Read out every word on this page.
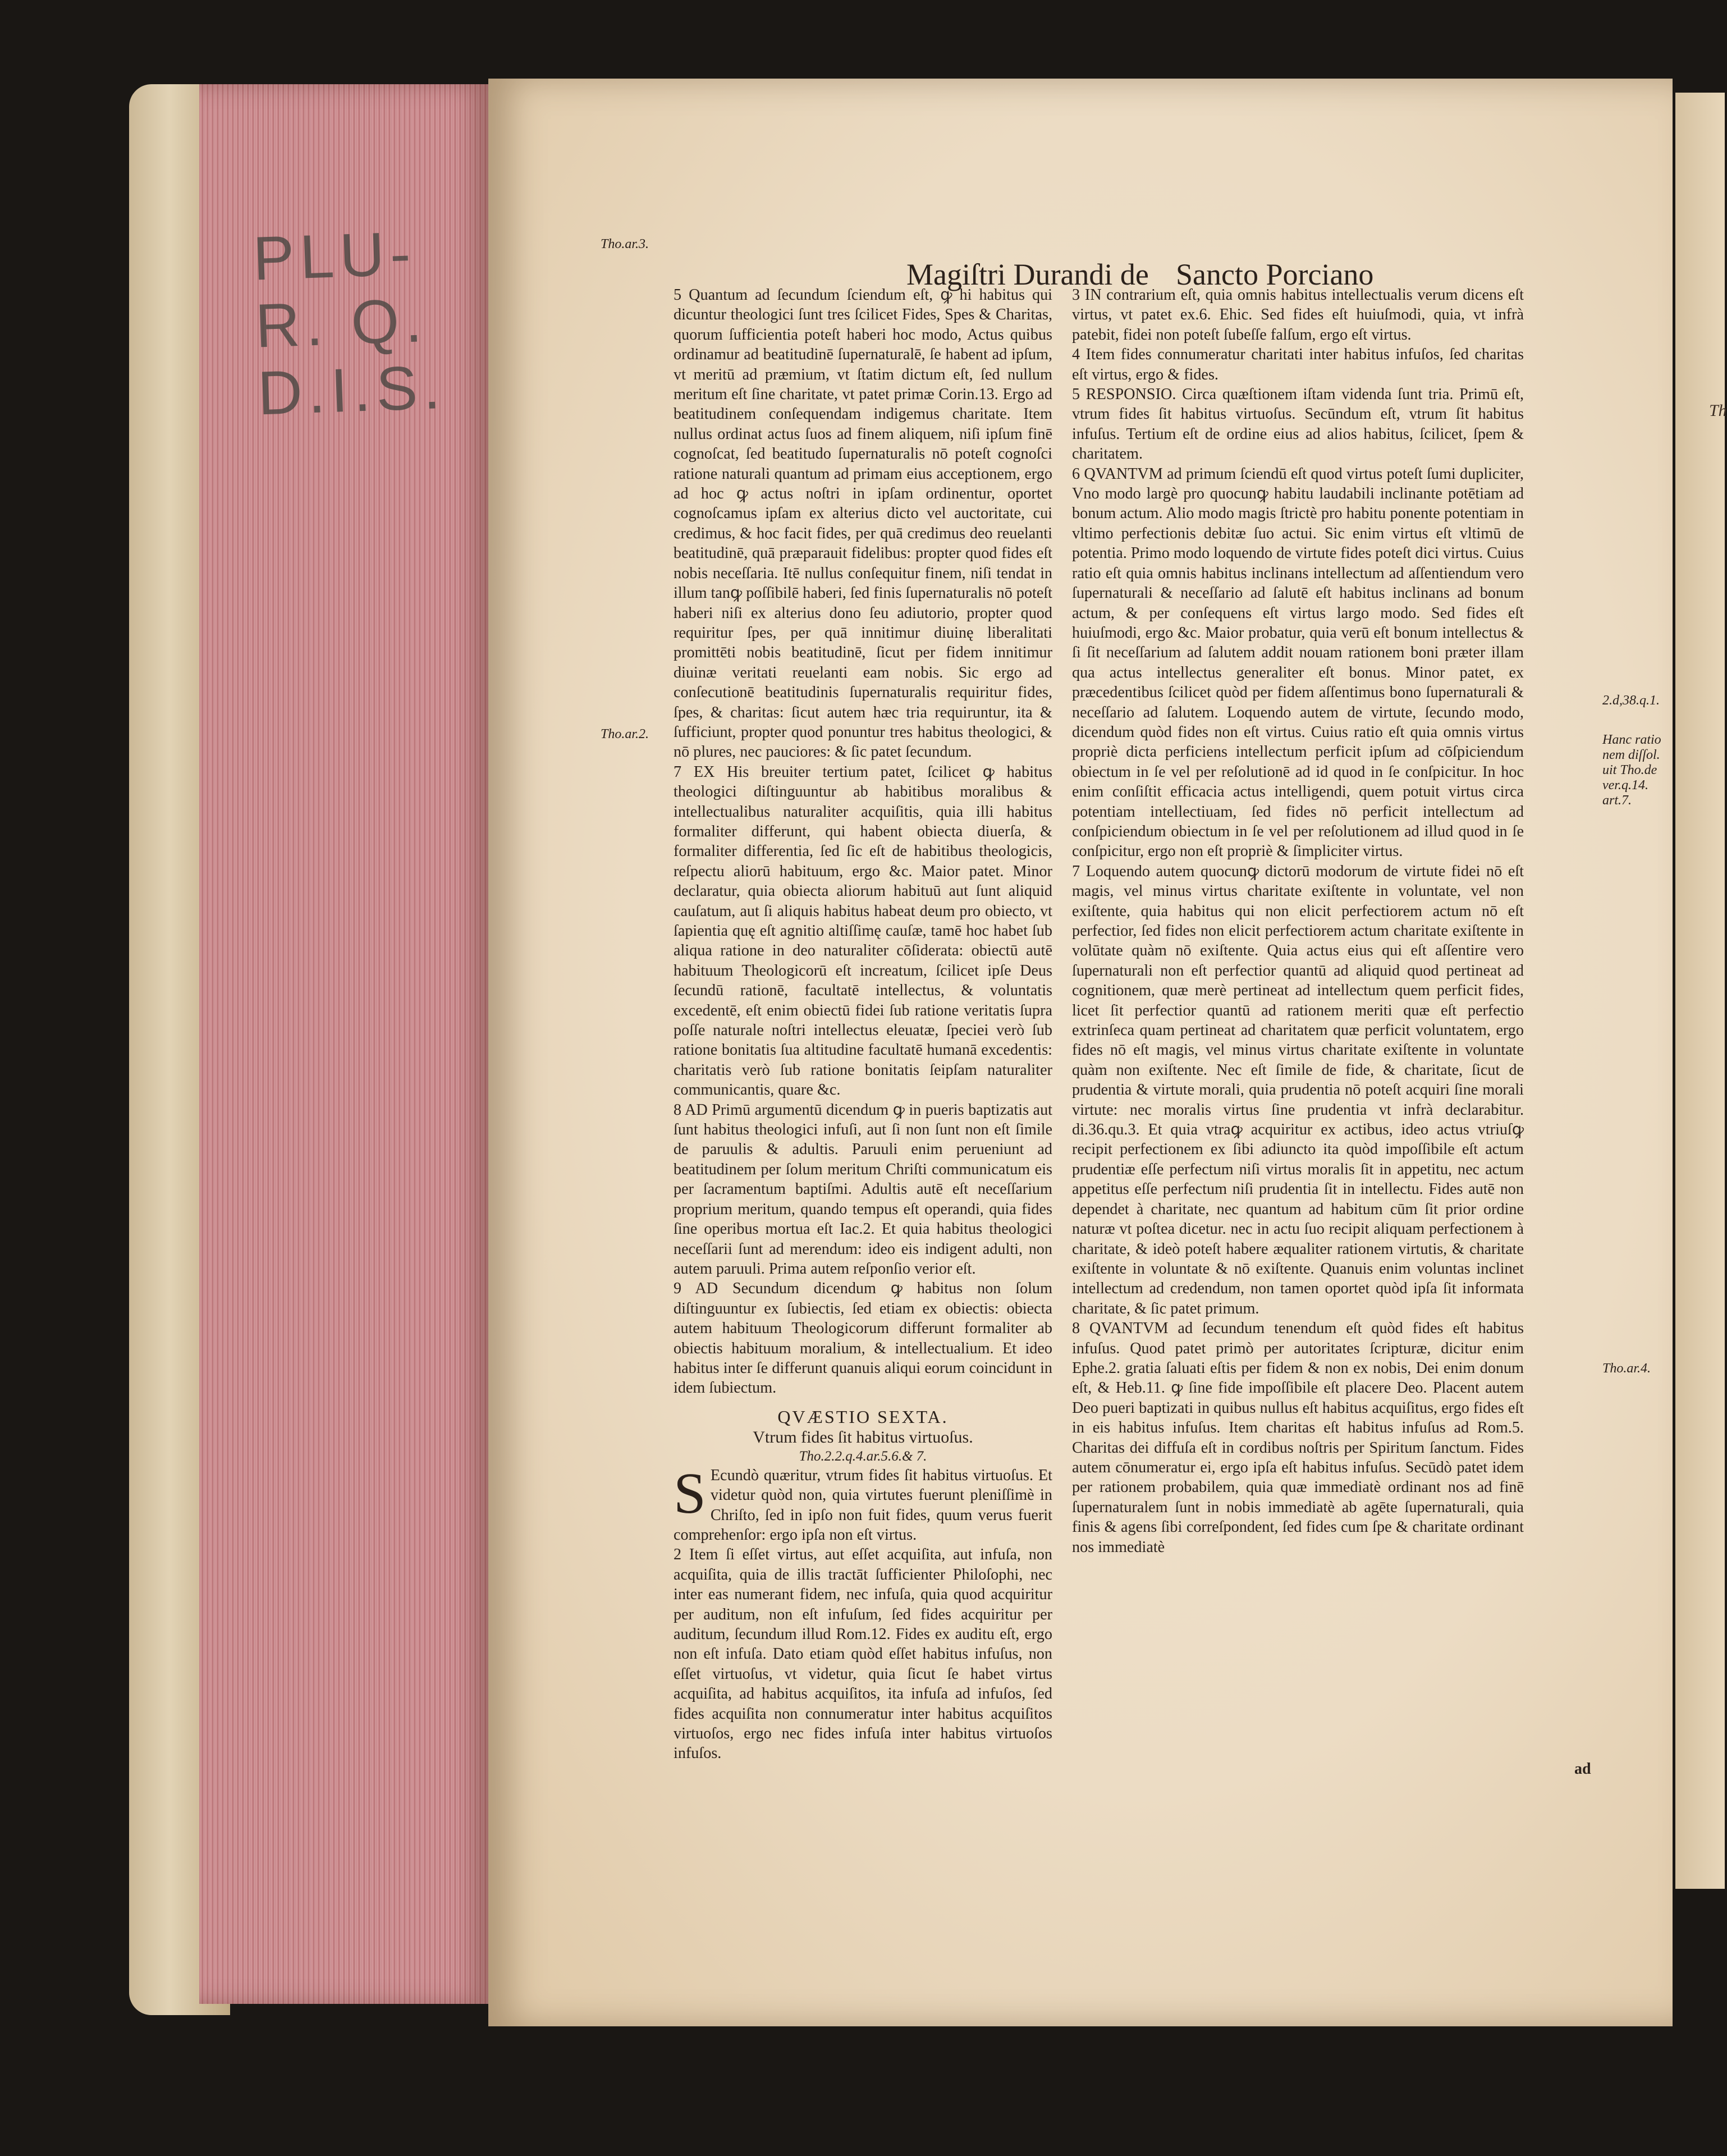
PLU-R. Q.
D.I.S.
Magiſtri Durandi de Sancto Porciano
Tho.ar.3.
Tho.ar.2.

5 Quantum ad ſecundum ſciendum eſt, ꝙ hi habitus qui dicuntur theologici ſunt tres ſcilicet Fides, Spes & Charitas, quorum ſufficientia poteſt haberi hoc modo, Actus quibus ordinamur ad beatitudinē ſupernaturalē, ſe habent ad ipſum, vt meritū ad præmium, vt ſtatim dictum eſt, ſed nullum meritum eſt ſine charitate, vt patet primæ Corin.13. Ergo ad beatitudinem conſequendam indigemus charitate. Item nullus ordinat actus ſuos ad finem aliquem, niſi ipſum finē cognoſcat, ſed beatitudo ſupernaturalis nō poteſt cognoſci ratione naturali quantum ad primam eius acceptionem, ergo ad hoc ꝙ actus noſtri in ipſam ordinentur, oportet cognoſcamus ipſam ex alterius dicto vel auctoritate, cui credimus, & hoc facit fides, per quā credimus deo reuelanti beatitudinē, quā præparauit fidelibus: propter quod fides eſt nobis neceſſaria. Itē nullus conſequitur finem, niſi tendat in illum tanꝙ poſſibilē haberi, ſed finis ſupernaturalis nō poteſt haberi niſi ex alterius dono ſeu adiutorio, propter quod requiritur ſpes, per quā innitimur diuinę liberalitati promittēti nobis beatitudinē, ſicut per fidem innitimur diuinæ veritati reuelanti eam nobis. Sic ergo ad conſecutionē beatitudinis ſupernaturalis requiritur fides, ſpes, & charitas: ſicut autem hæc tria requiruntur, ita & ſufficiunt, propter quod ponuntur tres habitus theologici, & nō plures, nec pauciores: & ſic patet ſecundum.

7 EX His breuiter tertium patet, ſcilicet ꝙ habitus theologici diſtinguuntur ab habitibus moralibus & intellectualibus naturaliter acquiſitis, quia illi habitus formaliter differunt, qui habent obiecta diuerſa, & formaliter differentia, ſed ſic eſt de habitibus theologicis, reſpectu aliorū habituum, ergo &c. Maior patet. Minor declaratur, quia obiecta aliorum habituū aut ſunt aliquid cauſatum, aut ſi aliquis habitus habeat deum pro obiecto, vt ſapientia quę eſt agnitio altiſſimę cauſæ, tamē hoc habet ſub aliqua ratione in deo naturaliter cōſiderata: obiectū autē habituum Theologicorū eſt increatum, ſcilicet ipſe Deus ſecundū rationē, facultatē intellectus, & voluntatis excedentē, eſt enim obiectū fidei ſub ratione veritatis ſupra poſſe naturale noſtri intellectus eleuatæ, ſpeciei verò ſub ratione bonitatis ſua altitudine facultatē humanā excedentis: charitatis verò ſub ratione bonitatis ſeipſam naturaliter communicantis, quare &c.

8 AD Primū argumentū dicendum ꝙ in pueris baptizatis aut ſunt habitus theologici infuſi, aut ſi non ſunt non eſt ſimile de paruulis & adultis. Paruuli enim perueniunt ad beatitudinem per ſolum meritum Chriſti communicatum eis per ſacramentum baptiſmi. Adultis autē eſt neceſſarium proprium meritum, quando tempus eſt operandi, quia fides ſine operibus mortua eſt Iac.2. Et quia habitus theologici neceſſarii ſunt ad merendum: ideo eis indigent adulti, non autem paruuli. Prima autem reſponſio verior eſt.

9 AD Secundum dicendum ꝙ habitus non ſolum diſtinguuntur ex ſubiectis, ſed etiam ex obiectis: obiecta autem habituum Theologicorum differunt formaliter ab obiectis habituum moralium, & intellectualium. Et ideo habitus inter ſe differunt quanuis aliqui eorum coincidunt in idem ſubiectum.

QVÆSTIO SEXTA.
Vtrum fides ſit habitus virtuoſus.
Tho.2.2.q.4.ar.5.6.& 7.

S Ecundò quæritur, vtrum fides ſit habitus virtuoſus. Et videtur quòd non, quia virtutes fuerunt pleniſſimè in Chriſto, ſed in ipſo non fuit fides, quum verus fuerit comprehenſor: ergo ipſa non eſt virtus.

2 Item ſi eſſet virtus, aut eſſet acquiſita, aut infuſa, non acquiſita, quia de illis tractāt ſufficienter Philoſophi, nec inter eas numerant fidem, nec infuſa, quia quod acquiritur per auditum, non eſt infuſum, ſed fides acquiritur per auditum, ſecundum illud Rom.12. Fides ex auditu eſt, ergo non eſt infuſa. Dato etiam quòd eſſet habitus infuſus, non eſſet virtuoſus, vt videtur, quia ſicut ſe habet virtus acquiſita, ad habitus acquiſitos, ita infuſa ad infuſos, ſed fides acquiſita non connumeratur inter habitus acquiſitos virtuoſos, ergo nec fides infuſa inter habitus virtuoſos infuſos.

3 IN contrarium eſt, quia omnis habitus intellectualis verum dicens eſt virtus, vt patet ex.6. Ehic. Sed fides eſt huiuſmodi, quia, vt infrà patebit, fidei non poteſt ſubeſſe falſum, ergo eſt virtus.

4 Item fides connumeratur charitati inter habitus infuſos, ſed charitas eſt virtus, ergo & fides.

5 RESPONSIO. Circa quæſtionem iſtam videnda ſunt tria. Primū eſt, vtrum fides ſit habitus virtuoſus. Secūndum eſt, vtrum ſit habitus infuſus. Tertium eſt de ordine eius ad alios habitus, ſcilicet, ſpem & charitatem.

6 QVANTVM ad primum ſciendū eſt quod virtus poteſt ſumi dupliciter, Vno modo largè pro quocunꝙ habitu laudabili inclinante potētiam ad bonum actum. Alio modo magis ſtrictè pro habitu ponente potentiam in vltimo perfectionis debitæ ſuo actui. Sic enim virtus eſt vltimū de potentia. Primo modo loquendo de virtute fides poteſt dici virtus. Cuius ratio eſt quia omnis habitus inclinans intellectum ad aſſentiendum vero ſupernaturali & neceſſario ad ſalutē eſt habitus inclinans ad bonum actum, & per conſequens eſt virtus largo modo. Sed fides eſt huiuſmodi, ergo &c. Maior probatur, quia verū eſt bonum intellectus & ſi ſit neceſſarium ad ſalutem addit nouam rationem boni præter illam qua actus intellectus generaliter eſt bonus. Minor patet, ex præcedentibus ſcilicet quòd per fidem aſſentimus bono ſupernaturali & neceſſario ad ſalutem. Loquendo autem de virtute, ſecundo modo, dicendum quòd fides non eſt virtus. Cuius ratio eſt quia omnis virtus propriè dicta perficiens intellectum perficit ipſum ad cōſpiciendum obiectum in ſe vel per reſolutionē ad id quod in ſe conſpicitur. In hoc enim conſiſtit efficacia actus intelligendi, quem potuit virtus circa potentiam intellectiuam, ſed fides nō perficit intellectum ad conſpiciendum obiectum in ſe vel per reſolutionem ad illud quod in ſe conſpicitur, ergo non eſt propriè & ſimpliciter virtus.

7 Loquendo autem quocunꝙ dictorū modorum de virtute fidei nō eſt magis, vel minus virtus charitate exiſtente in voluntate, vel non exiſtente, quia habitus qui non elicit perfectiorem actum nō eſt perfectior, ſed fides non elicit perfectiorem actum charitate exiſtente in volūtate quàm nō exiſtente. Quia actus eius qui eſt aſſentire vero ſupernaturali non eſt perfectior quantū ad aliquid quod pertineat ad cognitionem, quæ merè pertineat ad intellectum quem perficit fides, licet ſit perfectior quantū ad rationem meriti quæ eſt perfectio extrinſeca quam pertineat ad charitatem quæ perficit voluntatem, ergo fides nō eſt magis, vel minus virtus charitate exiſtente in voluntate quàm non exiſtente. Nec eſt ſimile de fide, & charitate, ſicut de prudentia & virtute morali, quia prudentia nō poteſt acquiri ſine morali virtute: nec moralis virtus ſine prudentia vt infrà declarabitur. di.36.qu.3. Et quia vtraꝙ acquiritur ex actibus, ideo actus vtriuſꝙ recipit perfectionem ex ſibi adiuncto ita quòd impoſſibile eſt actum prudentiæ eſſe perfectum niſi virtus moralis ſit in appetitu, nec actum appetitus eſſe perfectum niſi prudentia ſit in intellectu. Fides autē non dependet à charitate, nec quantum ad habitum cūm ſit prior ordine naturæ vt poſtea dicetur. nec in actu ſuo recipit aliquam perfectionem à charitate, & ideò poteſt habere æqualiter rationem virtutis, & charitate exiſtente in voluntate & nō exiſtente. Quanuis enim voluntas inclinet intellectum ad credendum, non tamen oportet quòd ipſa ſit informata charitate, & ſic patet primum.

8 QVANTVM ad ſecundum tenendum eſt quòd fides eſt habitus infuſus. Quod patet primò per autoritates ſcripturæ, dicitur enim Ephe.2. gratia ſaluati eſtis per fidem & non ex nobis, Dei enim donum eſt, & Heb.11. ꝙ ſine fide impoſſibile eſt placere Deo. Placent autem Deo pueri baptizati in quibus nullus eſt habitus acquiſitus, ergo fides eſt in eis habitus infuſus. Item charitas eſt habitus infuſus ad Rom.5. Charitas dei diffuſa eſt in cordibus noſtris per Spiritum ſanctum. Fides autem cōnumeratur ei, ergo ipſa eſt habitus infuſus. Secūdò patet idem per rationem probabilem, quia quæ immediatè ordinant nos ad finē ſupernaturalem ſunt in nobis immediatè ab agēte ſupernaturali, quia finis & agens ſibi correſpondent, ſed fides cum ſpe & charitate ordinant nos immediatè

ad
2.d,38.q.1.
Hanc ratio
nem diſſol.
uit Tho.de
ver.q.14.
art.7.
Tho.ar.4.
Th
